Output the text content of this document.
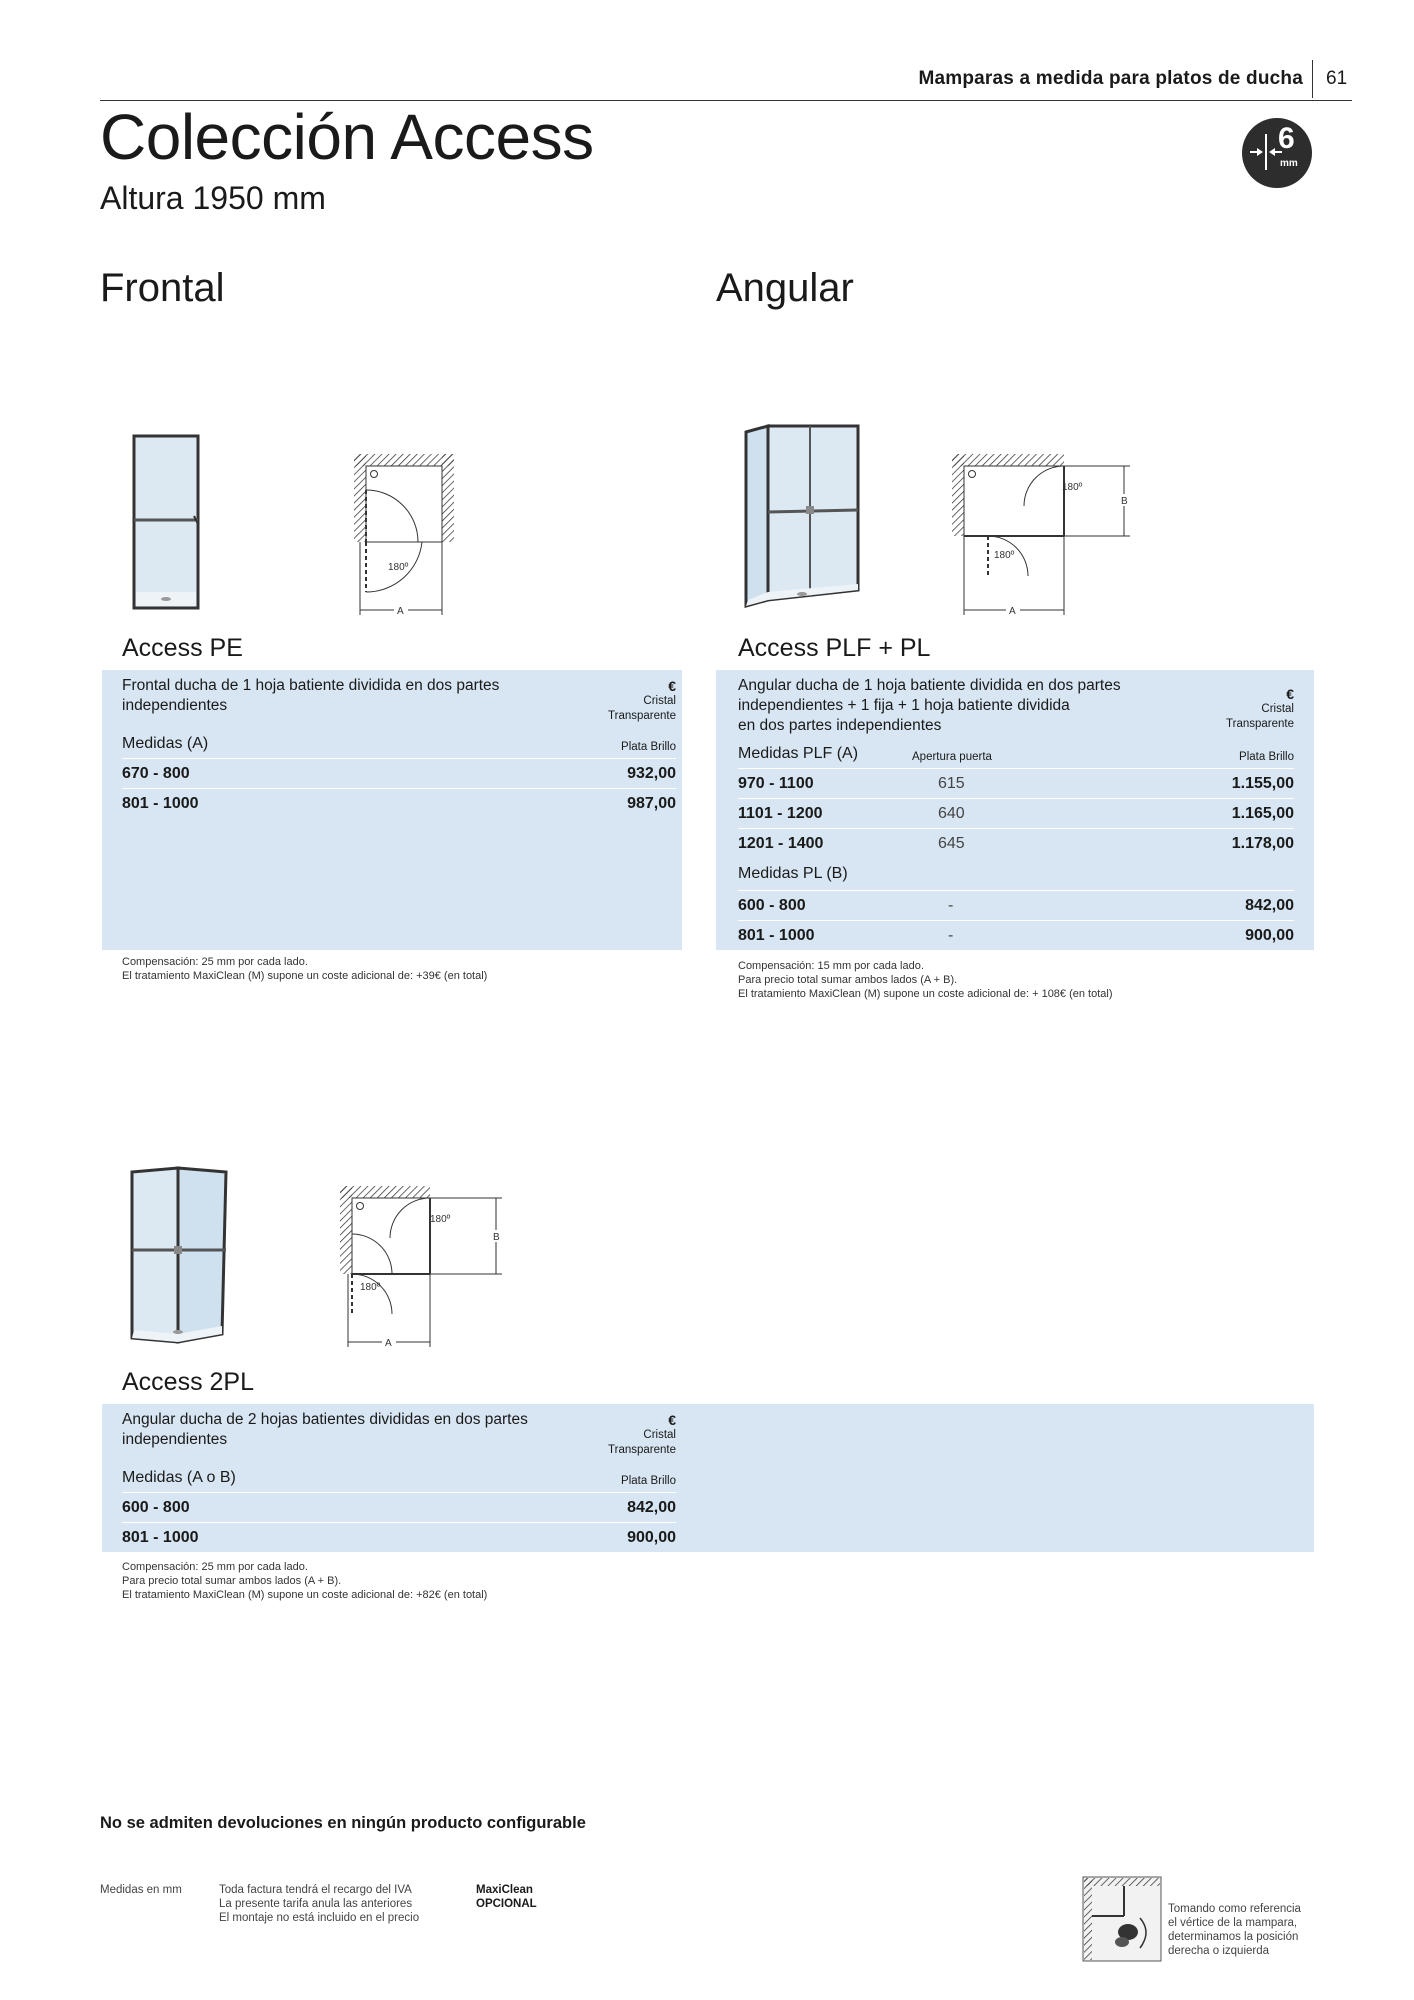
Mamparas a medida para platos de ducha 61
Colección Access
Altura 1950 mm
6
mm
Frontal	Angular
180º
A
Access PE
Frontal ducha de 1 hoja batiente dividida en dos partes
independientes
€
Cristal
Transparente
Medidas (A)	Plata Brillo
670 - 800	932,00
801 - 1000	987,00
Compensación: 25 mm por cada lado.
El tratamiento MaxiClean (M) supone un coste adicional de: +39€ (en total)
180º
180º
B
A
Access PLF + PL
Angular ducha de 1 hoja batiente dividida en dos partes
independientes + 1 fija + 1 hoja batiente dividida
en dos partes independientes
€
Cristal
Transparente
Medidas PLF (A)	Apertura puerta	Plata Brillo
970 - 1100	615	1.155,00
1101 - 1200	640	1.165,00
1201 - 1400	645	1.178,00
Medidas PL (B)
600 - 800	-	842,00
801 - 1000	-	900,00
Compensación: 15 mm por cada lado.
Para precio total sumar ambos lados (A + B).
El tratamiento MaxiClean (M) supone un coste adicional de: + 108€ (en total)
180º
180º
B
A
Access 2PL
Angular ducha de 2 hojas batientes divididas en dos partes
independientes
€
Cristal
Transparente
Medidas (A o B)	Plata Brillo
600 - 800	842,00
801 - 1000	900,00
Compensación: 25 mm por cada lado.
Para precio total sumar ambos lados (A + B).
El tratamiento MaxiClean (M) supone un coste adicional de: +82€ (en total)
No se admiten devoluciones en ningún producto configurable
Medidas en mm	Toda factura tendrá el recargo del IVA
La presente tarifa anula las anteriores
El montaje no está incluido en el precio
MaxiClean
OPCIONAL	Tomando como referencia
el vértice de la mampara,
determinamos la posición
derecha o izquierda
